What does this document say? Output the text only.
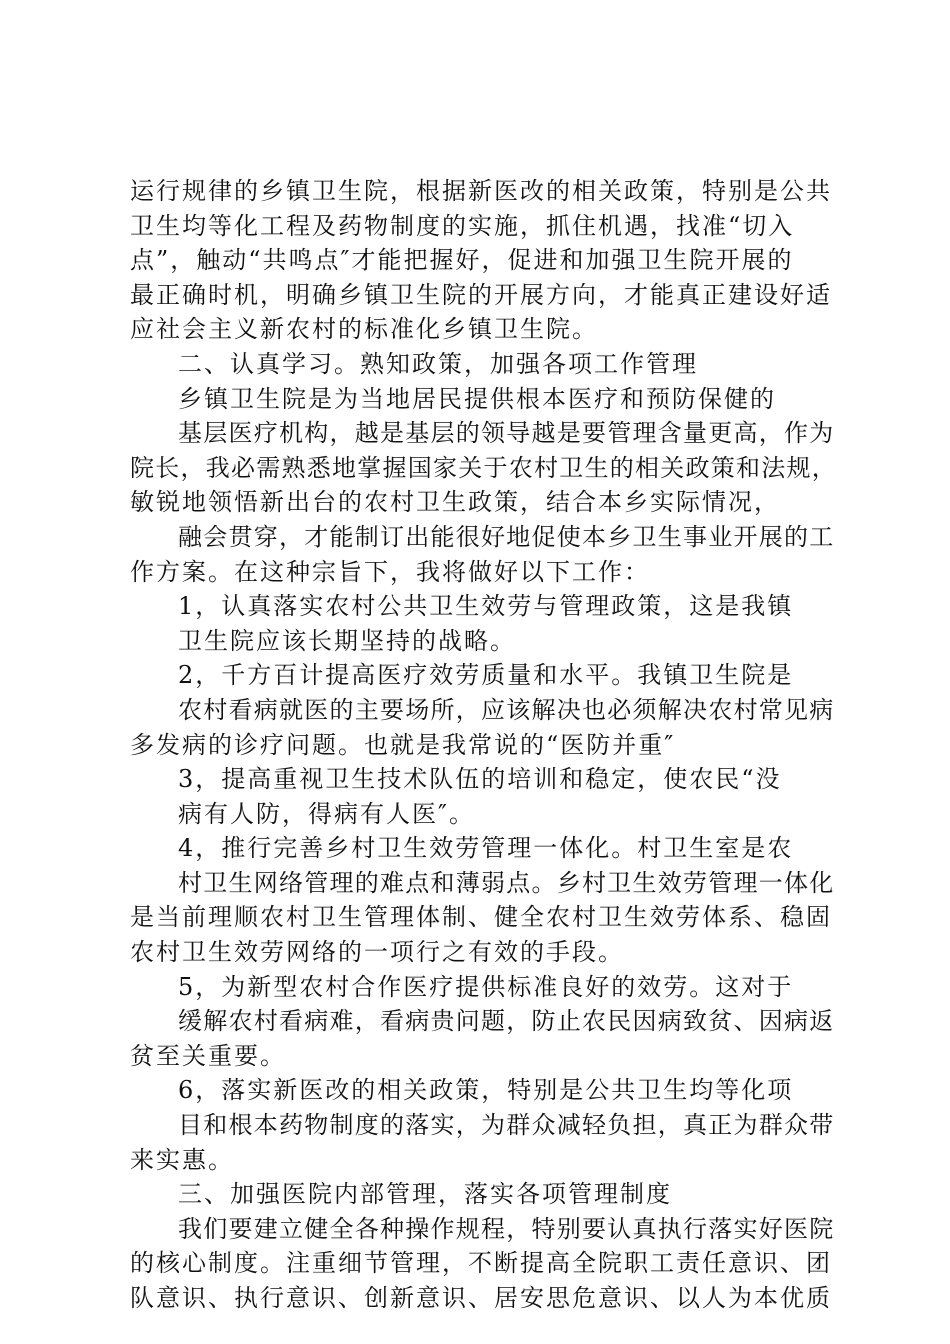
运行规律的乡镇卫生院，根据新医改的相关政策，特别是公共
卫生均等化工程及药物制度的实施，抓住机遇，找准“切入
点”，触动“共鸣点″才能把握好，促进和加强卫生院开展的
最正确时机，明确乡镇卫生院的开展方向，才能真正建设好适
应社会主义新农村的标准化乡镇卫生院。
二、认真学习。熟知政策，加强各项工作管理
乡镇卫生院是为当地居民提供根本医疗和预防保健的
基层医疗机构，越是基层的领导越是要管理含量更高，作为
院长，我必需熟悉地掌握国家关于农村卫生的相关政策和法规，
敏锐地领悟新出台的农村卫生政策，结合本乡实际情况，
融会贯穿，才能制订出能很好地促使本乡卫生事业开展的工
作方案。在这种宗旨下，我将做好以下工作：
1，认真落实农村公共卫生效劳与管理政策，这是我镇
卫生院应该长期坚持的战略。
2，千方百计提高医疗效劳质量和水平。我镇卫生院是
农村看病就医的主要场所，应该解决也必须解决农村常见病
多发病的诊疗问题。也就是我常说的“医防并重″
3，提高重视卫生技术队伍的培训和稳定，使农民“没
病有人防，得病有人医″。
4，推行完善乡村卫生效劳管理一体化。村卫生室是农
村卫生网络管理的难点和薄弱点。乡村卫生效劳管理一体化
是当前理顺农村卫生管理体制、健全农村卫生效劳体系、稳固
农村卫生效劳网络的一项行之有效的手段。
5，为新型农村合作医疗提供标准良好的效劳。这对于
缓解农村看病难，看病贵问题，防止农民因病致贫、因病返
贫至关重要。
6，落实新医改的相关政策，特别是公共卫生均等化项
目和根本药物制度的落实，为群众减轻负担，真正为群众带
来实惠。
三、加强医院内部管理，落实各项管理制度
我们要建立健全各种操作规程，特别要认真执行落实好医院
的核心制度。注重细节管理，不断提高全院职工责任意识、团
队意识、执行意识、创新意识、居安思危意识、以人为本优质
